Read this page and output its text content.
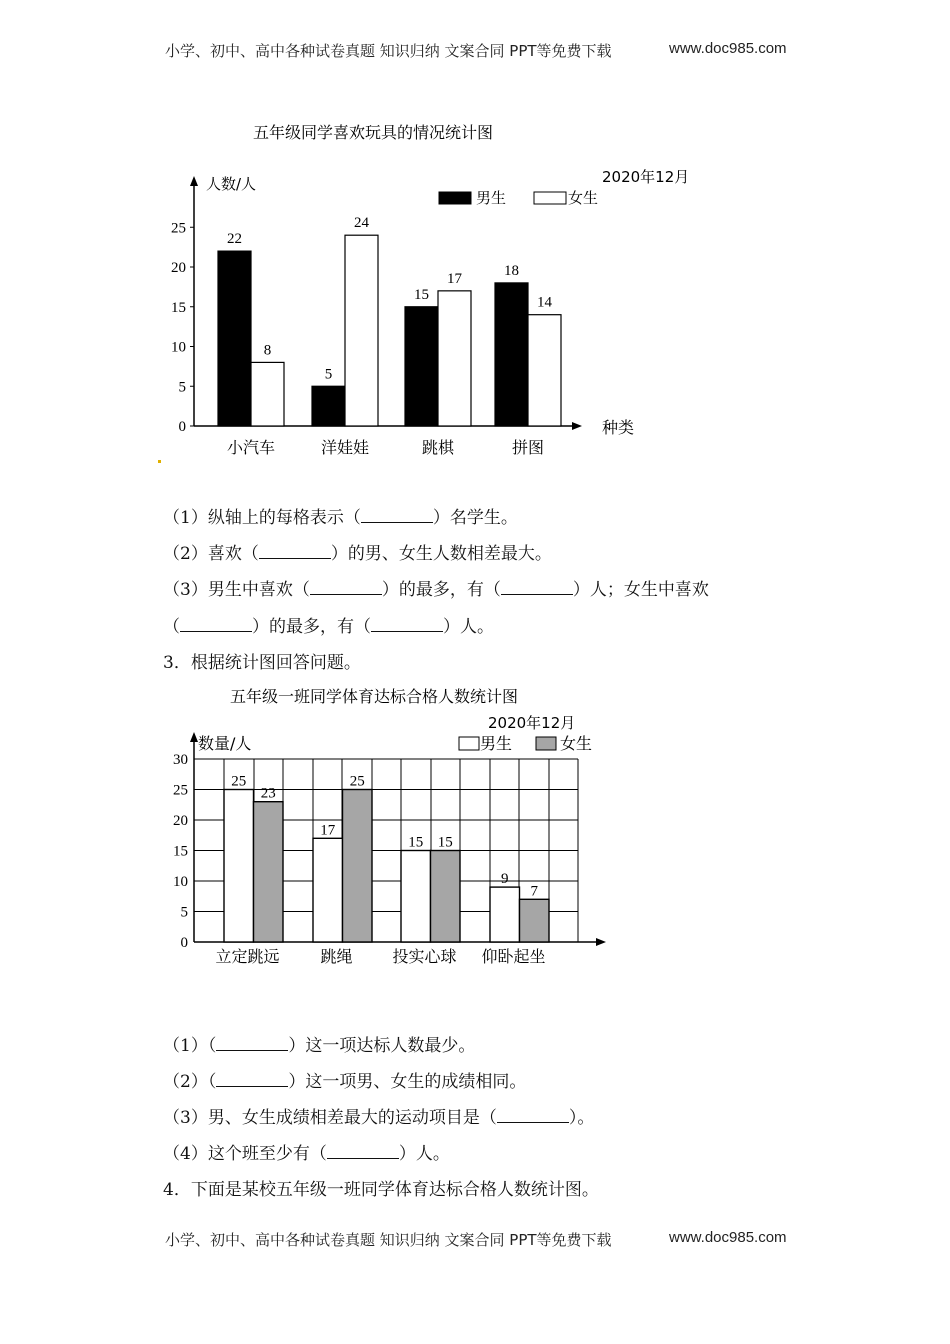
小学、初中、高中各种试卷真题 知识归纳 文案合同 PPT等免费下载	www.doc985.com
五年级同学喜欢玩具的情况统计图
2020年12月
人数/人
种类
男生	女生
0
5
10
15
20
25
22
8
5
24
15
17	18
14
小汽车	洋娃娃	跳棋	拼图
（1）纵轴上的每格表示（	）名学生。
（2）喜欢（	）的男、女生人数相差最大。
（3）男生中喜欢（	）的最多，有（	）人；女生中喜欢
（	）的最多，有（	）人。
3．根据统计图回答问题。
五年级一班同学体育达标合格人数统计图
2020年12月
数量/人	男生	女生
0
5
10
15
20
25
30
25
23
17
25
15 15
9
7
立定跳远	跳绳 投实心球 仰卧起坐
（1）（	）这一项达标人数最少。
（2）（	）这一项男、女生的成绩相同。
（3）男、女生成绩相差最大的运动项目是（	）。
（4）这个班至少有（	）人。
4．下面是某校五年级一班同学体育达标合格人数统计图。
小学、初中、高中各种试卷真题 知识归纳 文案合同 PPT等免费下载	www.doc985.com
